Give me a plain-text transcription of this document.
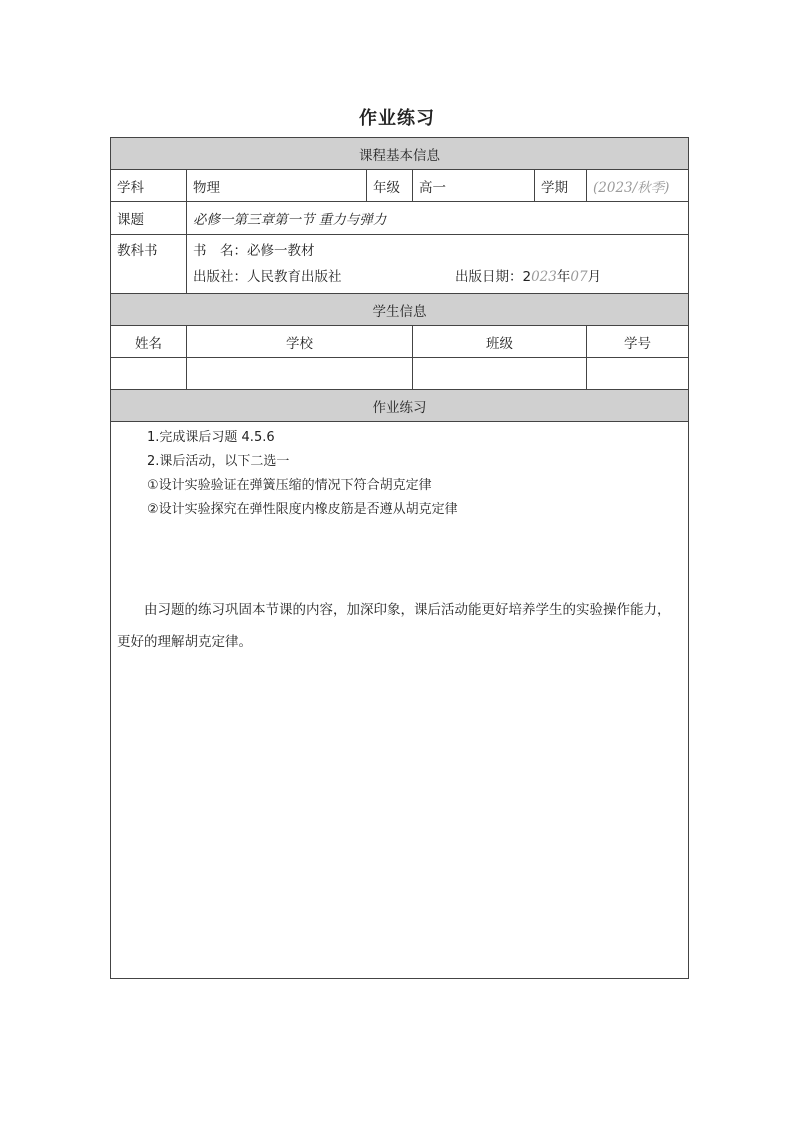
作业练习
课程基本信息					
学科	物理	年级	高一	学期	(2023/秋季)
课题	必修一第三章第一节 重力与弹力				
教科书	书　名： 必修一教材
出版社：人民教育出版社 出版日期：2023年07月				

学生信息					
姓名	学校		班级		学号

作业练习					

1.完成课后习题 4.5.6
2.课后活动，以下二选一
①设计实验验证在弹簧压缩的情况下符合胡克定律
②设计实验探究在弹性限度内橡皮筋是否遵从胡克定律
由习题的练习巩固本节课的内容，加深印象，课后活动能更好培养学生的实验操作能力，更好的理解胡克定律。					
